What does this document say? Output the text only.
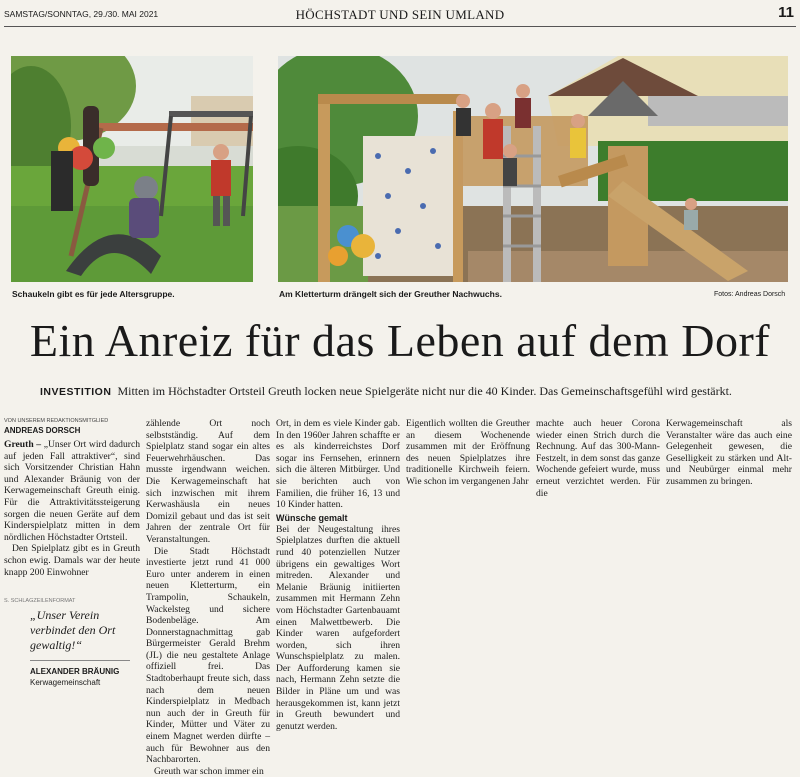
SAMSTAG/SONNTAG, 29./30. MAI 2021	HÖCHSTADT UND SEIN UMLAND	11
Schaukeln gibt es für jede Altersgruppe.	Am Kletterturm drängelt sich der Greuther Nachwuchs.	Fotos: Andreas Dorsch
Ein Anreiz für das Leben auf dem Dorf
INVESTITION Mitten im Höchstadter Ortsteil Greuth locken neue Spielgeräte nicht nur die 40 Kinder. Das Gemeinschaftsgefühl wird gestärkt.
VON UNSEREM REDAKTIONSMITGLIED
ANDREAS DORSCH

Greuth – „Unser Ort wird dadurch auf jeden Fall attraktiver“, sind sich Vorsitzender Christian Hahn und Alexander Bräunig von der Kerwagemeinschaft Greuth einig. Für die Attraktivitätssteigerung sorgen die neuen Geräte auf dem Kinderspielplatz mitten in dem nördlichen Höchstadter Ortsteil.

Den Spielplatz gibt es in Greuth schon ewig. Damals war der heute knapp 200 Einwohner

S. SCHLAGZEILENFORMAT
„Unser Verein verbindet den Ort gewaltig!“
ALEXANDER BRÄUNIG
Kerwagemeinschaft

zählende Ort noch selbstständig. Auf dem Spielplatz stand sogar ein altes Feuerwehrhäuschen. Das musste irgendwann weichen. Die Kerwagemeinschaft hat sich inzwischen mit ihrem Kerwashäusla ein neues Domizil gebaut und das ist seit Jahren der zentrale Ort für Veranstaltungen.

Die Stadt Höchstadt investierte jetzt rund 41 000 Euro unter anderem in einen neuen Kletterturm, ein Trampolin, Schaukeln, Wackelsteg und sichere Bodenbeläge. Am Donnerstagnachmittag gab Bürgermeister Gerald Brehm (JL) die neu gestaltete Anlage offiziell frei. Das Stadtoberhaupt freute sich, dass nach dem neuen Kinderspielplatz in Medbach nun auch der in Greuth für Kinder, Mütter und Väter zu einem Magnet werden dürfte – auch für Bewohner aus den Nachbarorten.

Greuth war schon immer ein

Ort, in dem es viele Kinder gab. In den 1960er Jahren schaffte er es als kinderreichstes Dorf sogar ins Fernsehen, erinnern sich die älteren Mitbürger. Und sie berichten auch von Familien, die früher 16, 13 und 10 Kinder hatten.

Wünsche gemalt

Bei der Neugestaltung ihres Spielplatzes durften die aktuell rund 40 potenziellen Nutzer übrigens ein gewaltiges Wort mitreden. Alexander und Melanie Bräunig initiierten zusammen mit Hermann Zehn vom Höchstadter Gartenbauamt einen Malwettbewerb. Die Kinder waren aufgefordert worden, sich ihren Wunschspielplatz zu malen. Der Aufforderung kamen sie nach, Hermann Zehn setzte die Bilder in Pläne um und was herausgekommen ist, kann jetzt in Greuth bewundert und genutzt werden.

Eigentlich wollten die Greuther an diesem Wochenende zusammen mit der Eröffnung des neuen Spielplatzes ihre traditionelle Kirchweih feiern. Wie schon im vergangenen Jahr

machte auch heuer Corona wieder einen Strich durch die Rechnung. Auf das 300-Mann-Festzelt, in dem sonst das ganze Wochende gefeiert wurde, muss erneut verzichtet werden. Für die

Kerwagemeinschaft als Veranstalter wäre das auch eine Gelegenheit gewesen, die Geselligkeit zu stärken und Alt- und Neubürger einmal mehr zusammen zu bringen.
